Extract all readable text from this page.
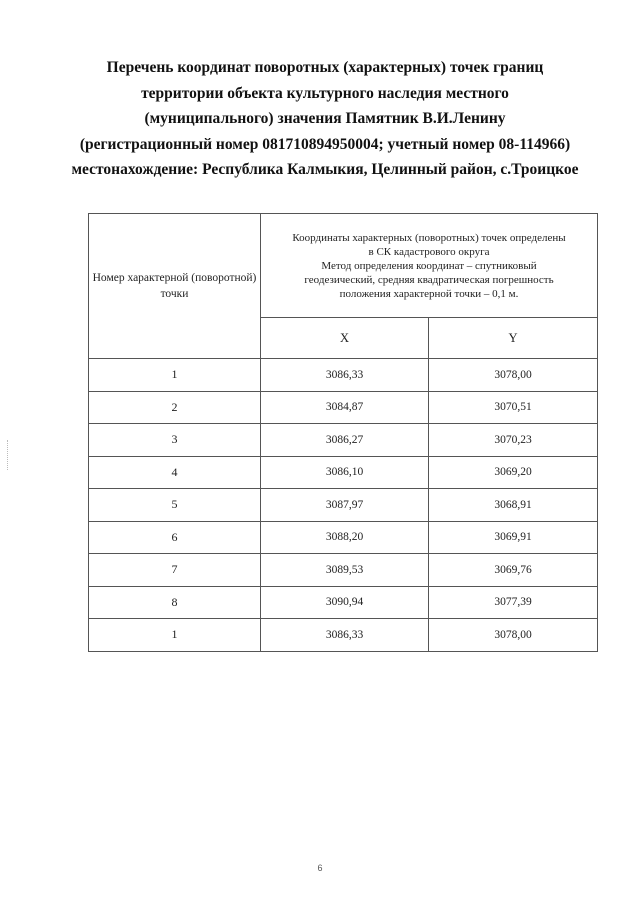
Перечень координат поворотных (характерных) точек границ
территории объекта культурного наследия местного
(муниципального) значения Памятник В.И.Ленину
(регистрационный номер 081710894950004; учетный номер 08-114966)
местонахождение: Республика Калмыкия, Целинный район, с.Троицкое
Номер характерной (поворотной) точки	Координаты характерных (поворотных) точек определены
в СК кадастрового округа
Метод определения координат – спутниковый
геодезический, средняя квадратическая погрешность
положения характерной точки – 0,1 м.	

	X	Y
1	3086,33	3078,00
2	3084,87	3070,51
3	3086,27	3070,23
4	3086,10	3069,20
5	3087,97	3068,91
6	3088,20	3069,91
7	3089,53	3069,76
8	3090,94	3077,39
1	3086,33	3078,00
6
